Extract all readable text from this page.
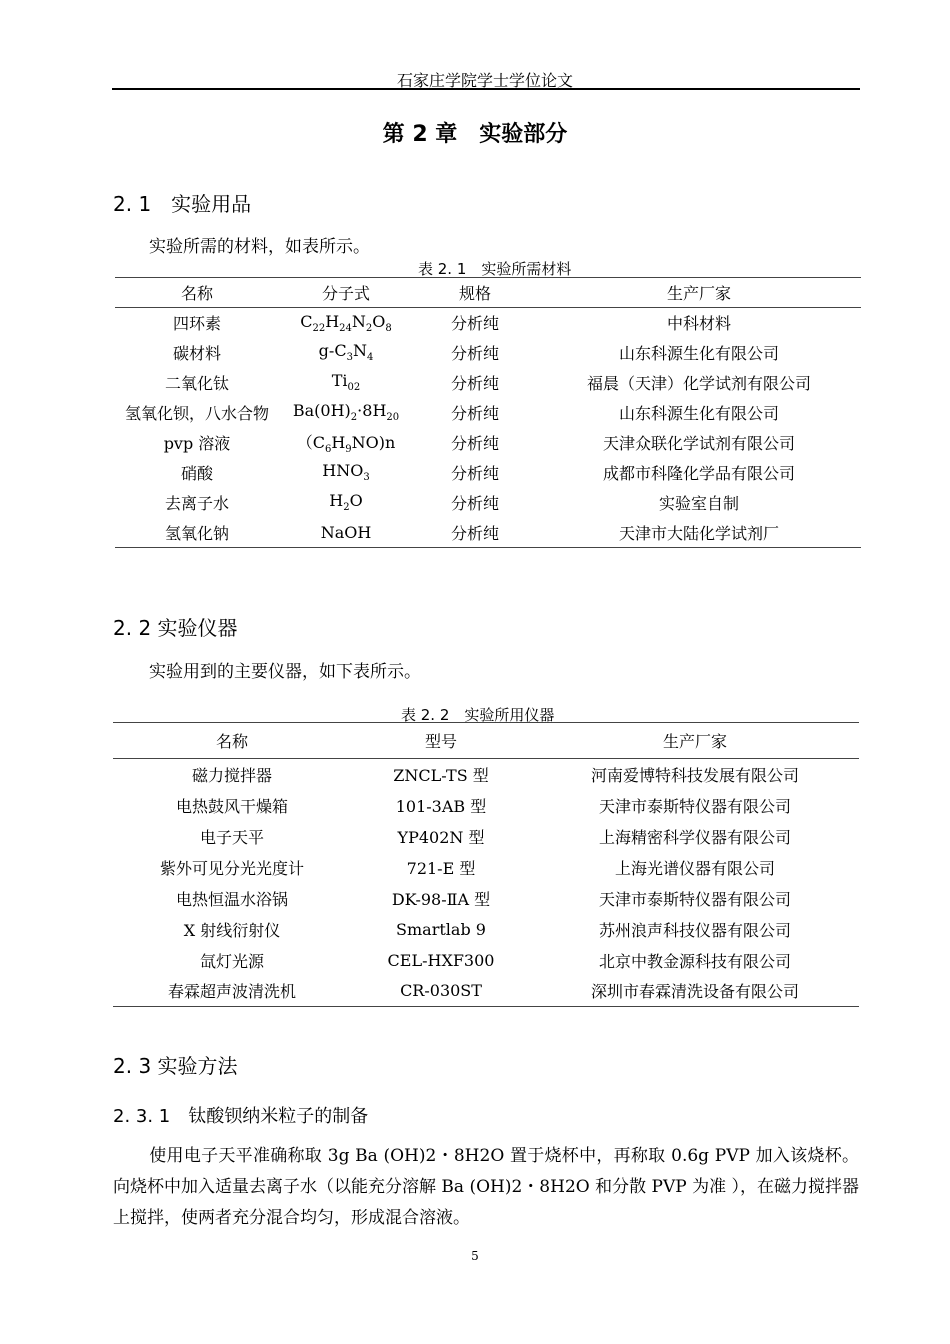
石家庄学院学士学位论文
第 2 章　实验部分
2. 1　实验用品
实验所需的材料，如表所示。
表 2. 1　实验所需材料
名称	分子式	规格	生产厂家
四环素	$C_{22}H_{24}N_2O_8$	分析纯	中科材料
碳材料	$g-C_3N_4$	分析纯	山东科源生化有限公司
二氧化钛	$Ti_{02}$	分析纯	福晨（天津）化学试剂有限公司
氢氧化钡，八水合物	$Ba(0H)_2\cdot 8H_{20}$	分析纯	山东科源生化有限公司
pvp 溶液	$(C_6H_9NO)n$	分析纯	天津众联化学试剂有限公司
硝酸	$HNO_3$	分析纯	成都市科隆化学品有限公司
去离子水	$H_2O$	分析纯	实验室自制
氢氧化钠	NaOH	分析纯	天津市大陆化学试剂厂
2. 2 实验仪器
实验用到的主要仪器，如下表所示。
表 2. 2　实验所用仪器
名称	型号	生产厂家
磁力搅拌器	ZNCL-TS 型	河南爱博特科技发展有限公司
电热鼓风干燥箱	101-3AB 型	天津市泰斯特仪器有限公司
电子天平	YP402N 型	上海精密科学仪器有限公司
紫外可见分光光度计	721-E 型	上海光谱仪器有限公司
电热恒温水浴锅	DK-98-ⅡA 型	天津市泰斯特仪器有限公司
X 射线衍射仪	Smartlab 9	苏州浪声科技仪器有限公司
氙灯光源	CEL-HXF300	北京中教金源科技有限公司
春霖超声波清洗机	CR-030ST	深圳市春霖清洗设备有限公司
2. 3 实验方法
2. 3. 1　钛酸钡纳米粒子的制备
使用电子天平准确称取 3g Ba (OH)2・8H2O 置于烧杯中，再称取 0.6g PVP 加入该烧杯。向烧杯中加入适量去离子水（以能充分溶解 Ba (OH)2・8H2O 和分散 PVP 为准 ），在磁力搅拌器上搅拌，使两者充分混合均匀，形成混合溶液。
5
